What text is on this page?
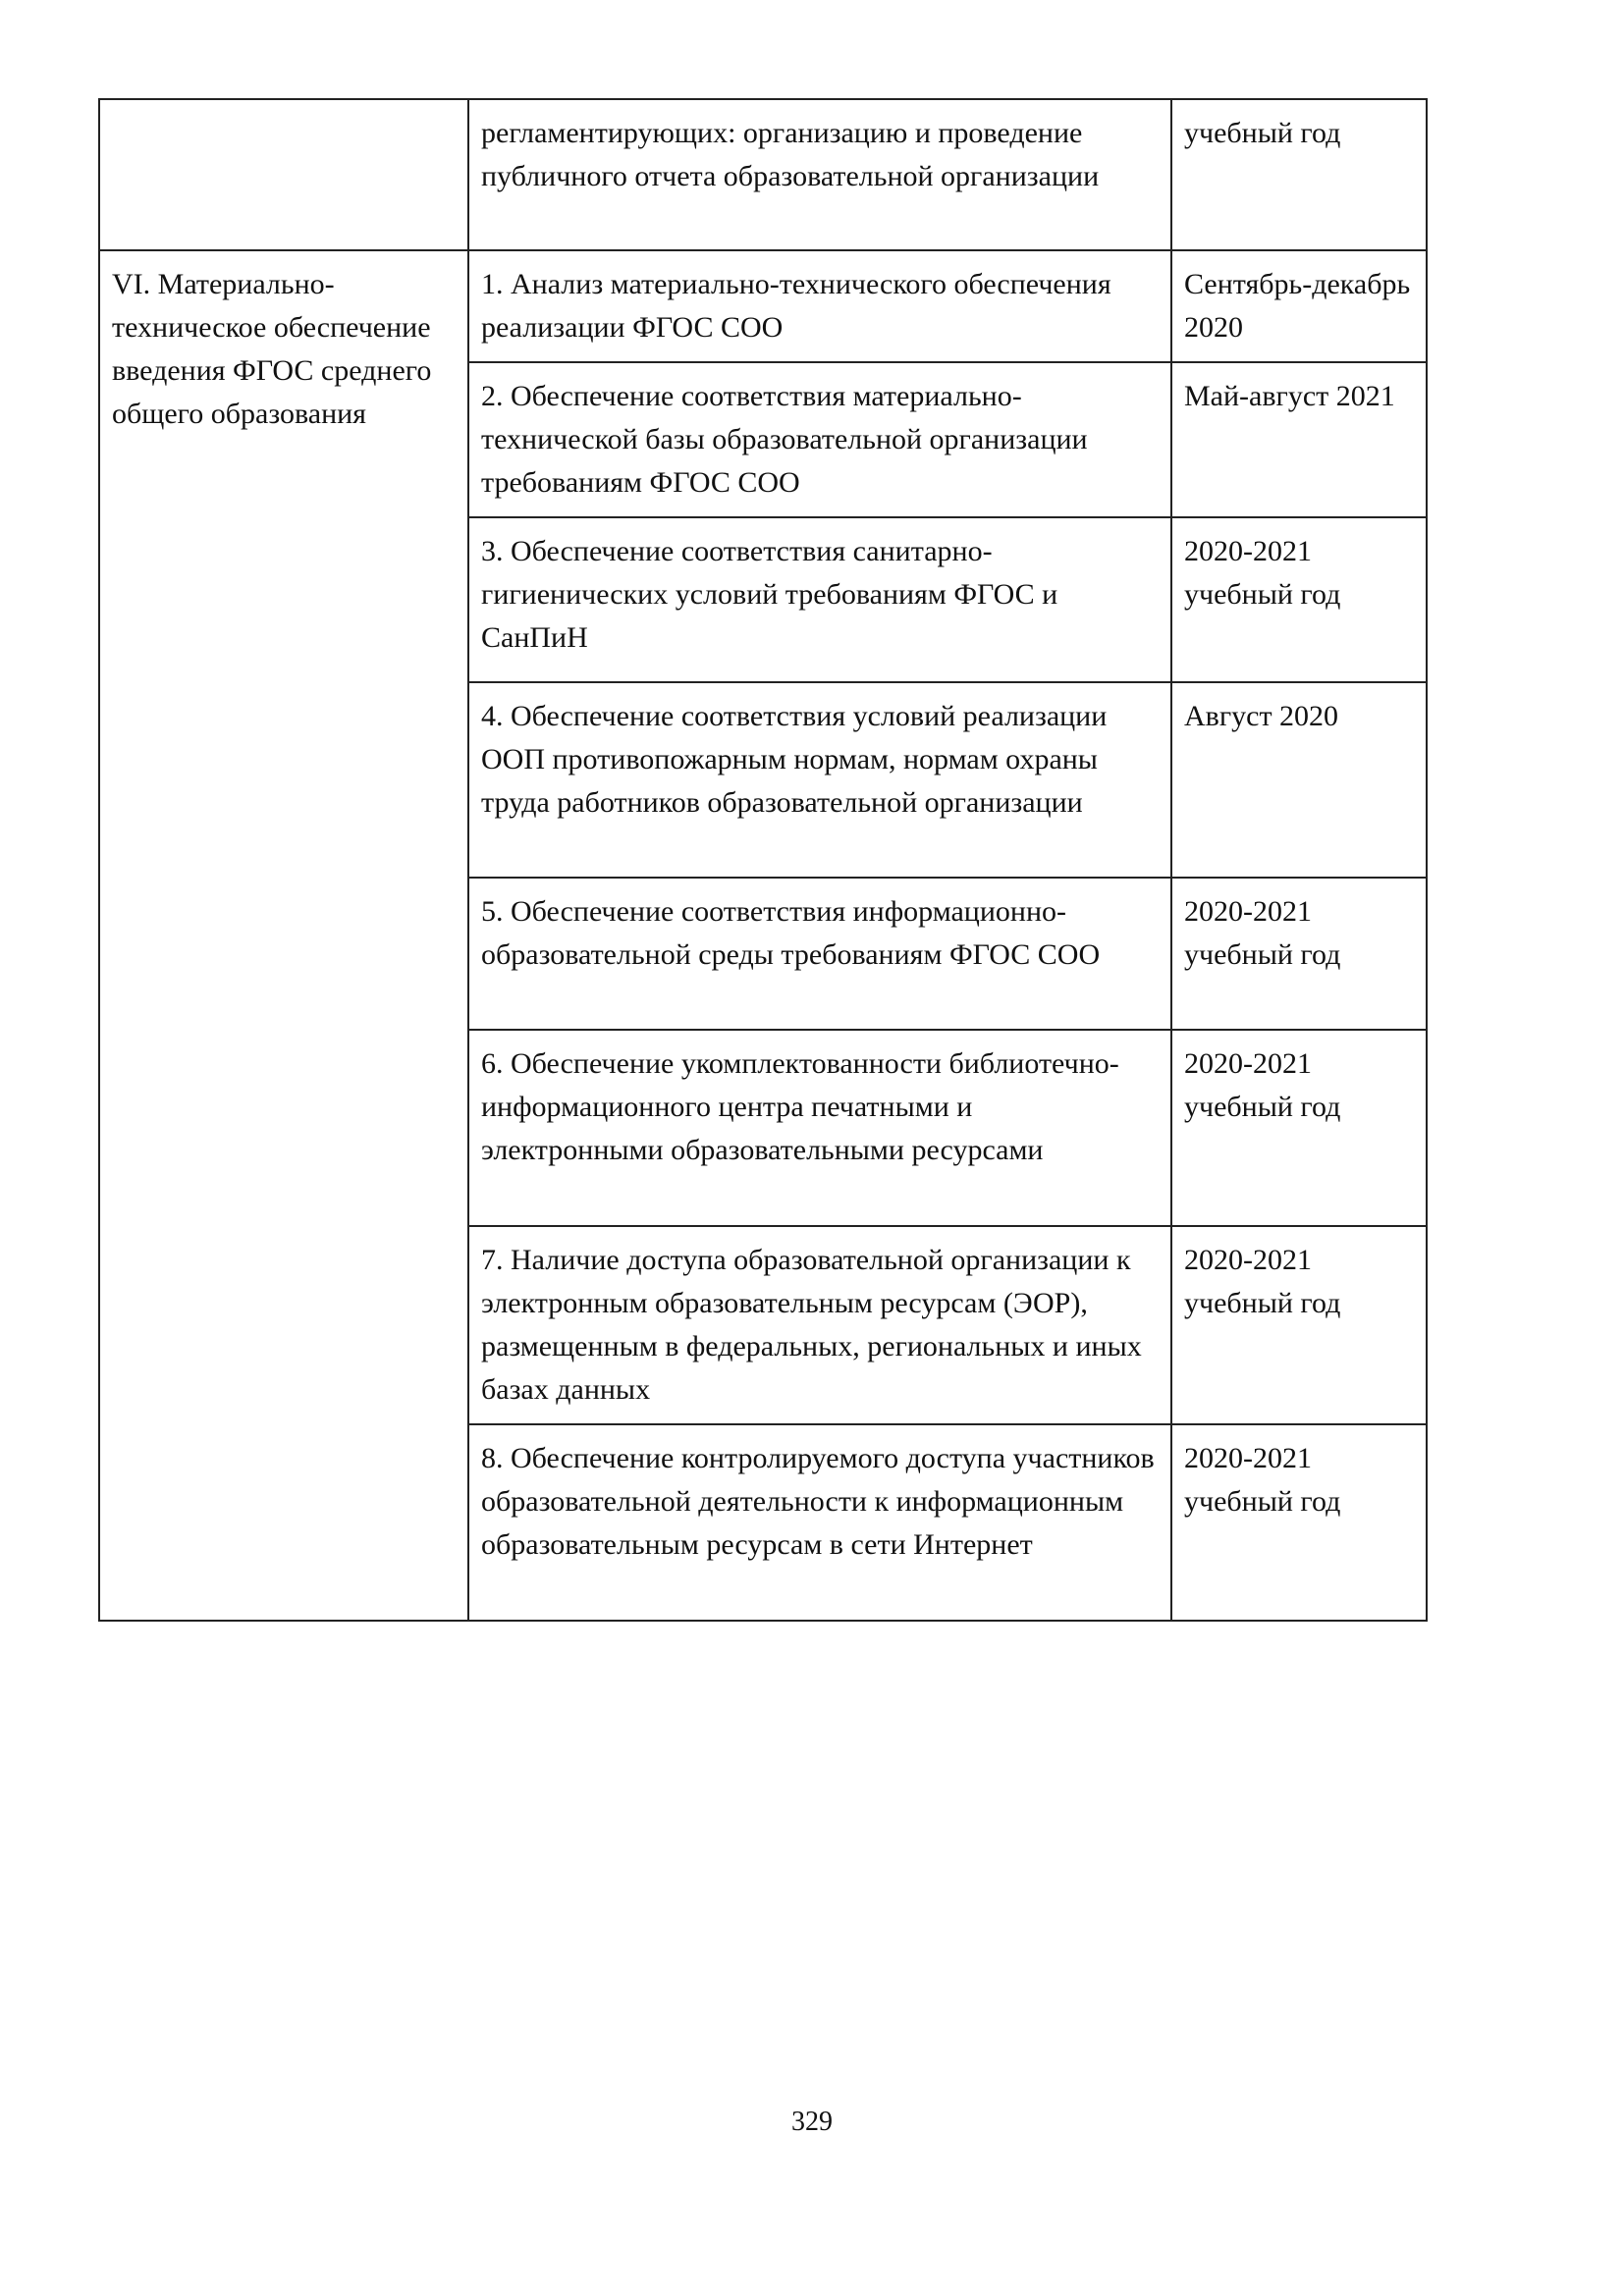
	регламентирующих: организацию и проведение публичного отчета образовательной организации	учебный год
VI. Материально-техническое обеспечение введения ФГОС среднего общего образования	1. Анализ материально-технического обеспечения реализации ФГОС СОО	Сентябрь-декабрь 2020
	2. Обеспечение соответствия материально-технической базы образовательной организации требованиям ФГОС СОО	Май-август 2021
	3. Обеспечение соответствия санитарно-гигиенических условий требованиям ФГОС и СанПиН	2020-2021 учебный год
	4. Обеспечение соответствия условий реализации ООП противопожарным нормам, нормам охраны труда работников образовательной организации	Август 2020
	5. Обеспечение соответствия информационно-образовательной среды требованиям ФГОС СОО	2020-2021 учебный год
	6. Обеспечение укомплектованности библиотечно-информационного центра печатными и электронными образовательными ресурсами	2020-2021 учебный год
	7. Наличие доступа образовательной организации к электронным образовательным ресурсам (ЭОР), размещенным в федеральных, региональных и иных базах данных	2020-2021 учебный год
	8. Обеспечение контролируемого доступа участников образовательной деятельности к информационным образовательным ресурсам в сети Интернет	2020-2021 учебный год
329
